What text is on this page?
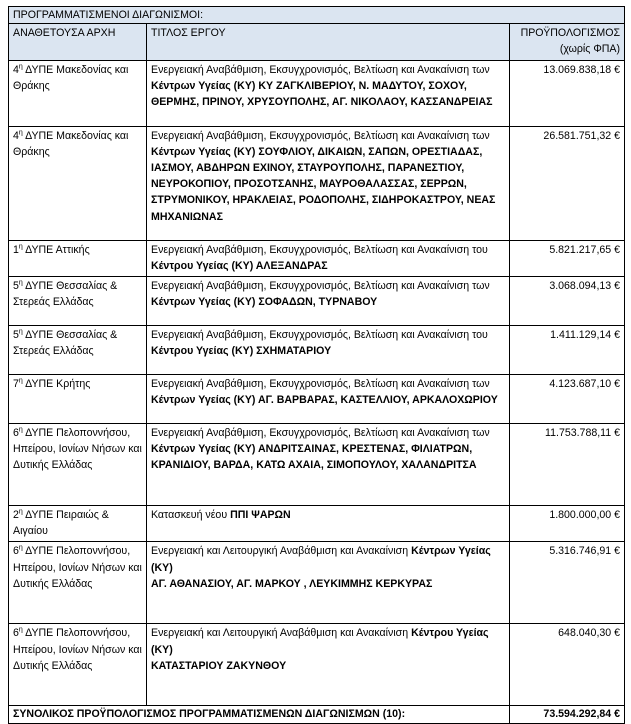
ΠΡΟΓΡΑΜΜΑΤΙΣΜΕΝΟΙ ΔΙΑΓΩΝΙΣΜΟΙ:		
ΑΝΑΘΕΤΟΥΣΑ ΑΡΧΗ	ΤΙΤΛΟΣ ΕΡΓΟΥ	ΠΡΟΫΠΟΛΟΓΙΣΜΟΣ
(χωρίς ΦΠΑ)

$4^\eta$ ΔΥΠΕ Μακεδονίας και Θράκης	Ενεργειακή Αναβάθμιση, Εκσυγχρονισμός, Βελτίωση και Ανακαίνιση των Κέντρων Υγείας (ΚΥ) ΚΥ ΖΑΓΚΛΙΒΕΡΙΟΥ, Ν. ΜΑΔΥΤΟΥ, ΣΟΧΟΥ, ΘΕΡΜΗΣ, ΠΡΙΝΟΥ, ΧΡΥΣΟΥΠΟΛΗΣ, ΑΓ. ΝΙΚΟΛΑΟΥ, ΚΑΣΣΑΝΔΡΕΙΑΣ	13.069.838,18 €
$4^\eta$ ΔΥΠΕ Μακεδονίας και Θράκης	Ενεργειακή Αναβάθμιση, Εκσυγχρονισμός, Βελτίωση και Ανακαίνιση των Κέντρων Υγείας (ΚΥ) ΣΟΥΦΛΙΟΥ, ΔΙΚΑΙΩΝ, ΣΑΠΩΝ, ΟΡΕΣΤΙΑΔΑΣ, ΙΑΣΜΟΥ, ΑΒΔΗΡΩΝ ΕΧΙΝΟΥ, ΣΤΑΥΡΟΥΠΟΛΗΣ, ΠΑΡΑΝΕΣΤΙΟΥ, ΝΕΥΡΟΚΟΠΙΟΥ, ΠΡΟΣΟΤΣΑΝΗΣ, ΜΑΥΡΟΘΑΛΑΣΣΑΣ, ΣΕΡΡΩΝ, ΣΤΡΥΜΟΝΙΚΟΥ, ΗΡΑΚΛΕΙΑΣ, ΡΟΔΟΠΟΛΗΣ, ΣΙΔΗΡΟΚΑΣΤΡΟΥ, ΝΕΑΣ ΜΗΧΑΝΙΩΝΑΣ	26.581.751,32 €
$1^\eta$ ΔΥΠΕ Αττικής	Ενεργειακή Αναβάθμιση, Εκσυγχρονισμός, Βελτίωση και Ανακαίνιση του Κέντρου Υγείας (ΚΥ) ΑΛΕΞΑΝΔΡΑΣ	5.821.217,65 €
$5^\eta$ ΔΥΠΕ Θεσσαλίας & Στερεάς Ελλάδας	Ενεργειακή Αναβάθμιση, Εκσυγχρονισμός, Βελτίωση και Ανακαίνιση των Κέντρων Υγείας (ΚΥ) ΣΟΦΑΔΩΝ, ΤΥΡΝΑΒΟΥ	3.068.094,13 €
$5^\eta$ ΔΥΠΕ Θεσσαλίας & Στερεάς Ελλάδας	Ενεργειακή Αναβάθμιση, Εκσυγχρονισμός, Βελτίωση και Ανακαίνιση του Κέντρου Υγείας (ΚΥ) ΣΧΗΜΑΤΑΡΙΟΥ	1.411.129,14 €
$7^\eta$ ΔΥΠΕ Κρήτης	Ενεργειακή Αναβάθμιση, Εκσυγχρονισμός, Βελτίωση και Ανακαίνιση των Κέντρων Υγείας (ΚΥ) ΑΓ. ΒΑΡΒΑΡΑΣ, ΚΑΣΤΕΛΛΙΟΥ, ΑΡΚΑΛΟΧΩΡΙΟΥ	4.123.687,10 €
$6^\eta$ ΔΥΠΕ Πελοποννήσου, Ηπείρου, Ιονίων Νήσων και Δυτικής Ελλάδας	Ενεργειακή Αναβάθμιση, Εκσυγχρονισμός, Βελτίωση και Ανακαίνιση των Κέντρων Υγείας (ΚΥ) ΑΝΔΡΙΤΣΑΙΝΑΣ, ΚΡΕΣΤΕΝΑΣ, ΦΙΛΙΑΤΡΩΝ, ΚΡΑΝΙΔΙΟΥ, ΒΑΡΔΑ, ΚΑΤΩ ΑΧΑΙΑ, ΣΙΜΟΠΟΥΛΟΥ, ΧΑΛΑΝΔΡΙΤΣΑ	11.753.788,11 €
$2^\eta$ ΔΥΠΕ Πειραιώς & Αιγαίου	Κατασκευή νέου ΠΠΙ ΨΑΡΩΝ	1.800.000,00 €
$6^\eta$ ΔΥΠΕ Πελοποννήσου, Ηπείρου, Ιονίων Νήσων και Δυτικής Ελλάδας	Ενεργειακή και Λειτουργική Αναβάθμιση και Ανακαίνιση Κέντρων Υγείας (ΚΥ)
ΑΓ. ΑΘΑΝΑΣΙΟΥ, ΑΓ. ΜΑΡΚΟΥ , ΛΕΥΚΙΜΜΗΣ ΚΕΡΚΥΡΑΣ	5.316.746,91 €
$6^\eta$ ΔΥΠΕ Πελοποννήσου, Ηπείρου, Ιονίων Νήσων και Δυτικής Ελλάδας	Ενεργειακή και Λειτουργική Αναβάθμιση και Ανακαίνιση Κέντρου Υγείας (ΚΥ)
ΚΑΤΑΣΤΑΡΙΟΥ ΖΑΚΥΝΘΟΥ	648.040,30 €
ΣΥΝΟΛΙΚΟΣ ΠΡΟΫΠΟΛΟΓΙΣΜΟΣ ΠΡΟΓΡΑΜΜΑΤΙΣΜΕΝΩΝ ΔΙΑΓΩΝΙΣΜΩΝ (10):		73.594.292,84 €
